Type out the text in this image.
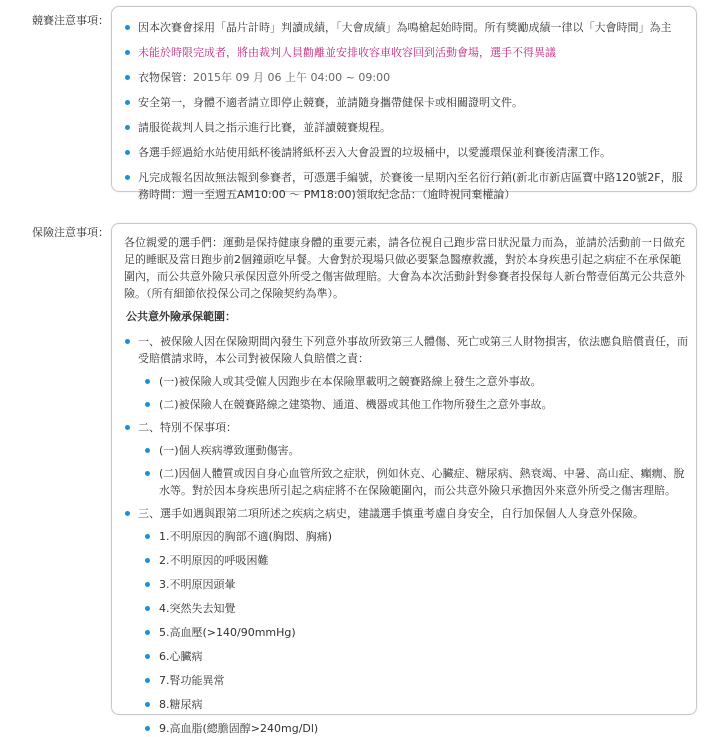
競賽注意事項：
因本次賽會採用「晶片計時」判讀成績，「大會成績」為鳴槍起始時間。所有獎勵成績一律以「大會時間」為主
未能於時限完成者，將由裁判人員勸離並安排收容車收容回到活動會場，選手不得異議
衣物保管：2015年 09 月 06 上午 04:00 ~ 09:00
安全第一，身體不適者請立即停止競賽，並請隨身攜帶健保卡或相關證明文件。
請服從裁判人員之指示進行比賽，並詳讀競賽規程。
各選手經過給水站使用紙杯後請將紙杯丟入大會設置的垃圾桶中，以愛護環保並利賽後清潔工作。
凡完成報名因故無法報到參賽者，可憑選手編號，於賽後一星期內至名衍行銷(新北市新店區寶中路120號2F，服務時間：週一至週五AM10:00 ～ PM18:00)領取紀念品：（逾時視同棄權論）
保險注意事項：
各位親愛的選手們：運動是保持健康身體的重要元素，請各位視自己跑步當日狀況量力而為，並請於活動前一日做充足的睡眠及當日跑步前2個鐘頭吃早餐。大會對於現場只做必要緊急醫療救護，對於本身疾患引起之病症不在承保範圍內，而公共意外險只承保因意外所受之傷害做理賠。大會為本次活動針對參賽者投保每人新台幣壹佰萬元公共意外險。（所有細節依投保公司之保險契約為準）。
公共意外險承保範圍：
一、被保險人因在保險期間內發生下列意外事故所致第三人體傷、死亡或第三人財物損害，依法應負賠償責任，而受賠償請求時，本公司對被保險人負賠償之責：
(一)被保險人或其受僱人因跑步在本保險單載明之競賽路線上發生之意外事故。
(二)被保險人在競賽路線之建築物、通道、機器或其他工作物所發生之意外事故。
二、特別不保事項：
(一)個人疾病導致運動傷害。
(二)因個人體質或因自身心血管所致之症狀，例如休克、心臟症、糖尿病、熱衰竭、中暑、高山症、癲癇、脫水等。對於因本身疾患所引起之病症將不在保險範圍內，而公共意外險只承擔因外來意外所受之傷害理賠。
三、選手如遇與跟第二項所述之疾病之病史，建議選手慎重考慮自身安全，自行加保個人人身意外保險。
1.不明原因的胸部不適(胸悶、胸痛)
2.不明原因的呼吸困難
3.不明原因頭暈
4.突然失去知覺
5.高血壓(>140/90mmHg)
6.心臟病
7.腎功能異常
8.糖尿病
9.高血脂(總膽固醇>240mg/Dl)
